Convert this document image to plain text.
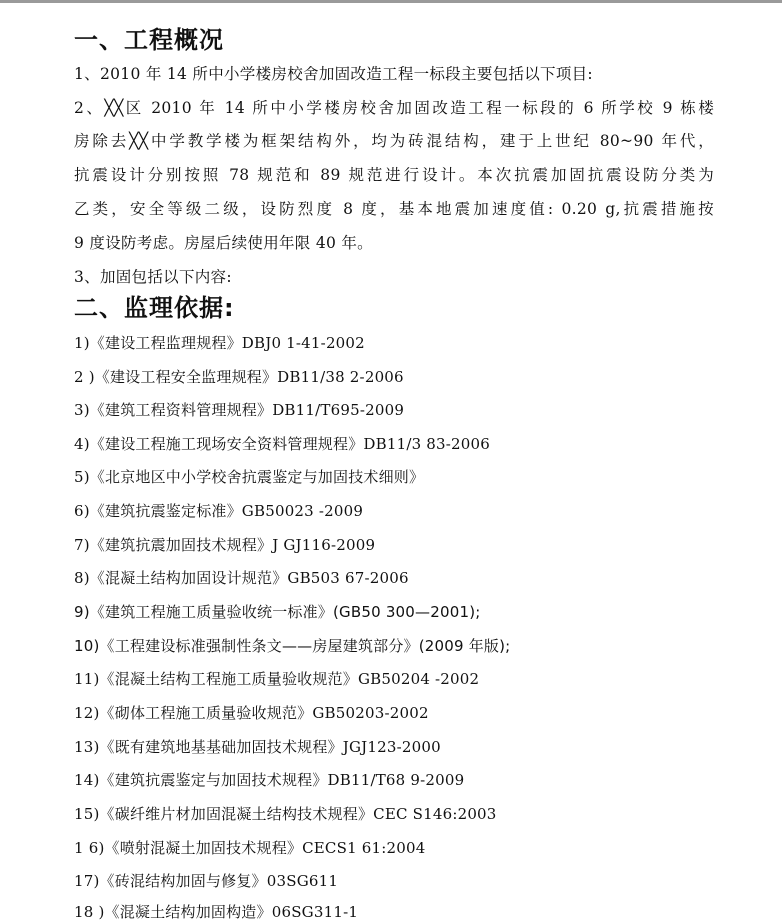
一、工程概况
1、2010 年 14 所中小学楼房校舍加固改造工程一标段主要包括以下项目:
2、╳╳区 2010 年 14 所中小学楼房校舍加固改造工程一标段的 6 所学校 9 栋楼
房除去╳╳中学教学楼为框架结构外，均为砖混结构，建于上世纪 80~90 年代，
抗震设计分别按照 78 规范和 89 规范进行设计。本次抗震加固抗震设防分类为
乙类，安全等级二级，设防烈度 8 度，基本地震加速度值: 0.20 g,抗震措施按
9 度设防考虑。房屋后续使用年限 40 年。
3、加固包括以下内容:
二、监理依据:
1)《建设工程监理规程》DBJ0 1-41-2002
2 )《建设工程安全监理规程》DB11/38 2-2006
3)《建筑工程资料管理规程》DB11/T695-2009
4)《建设工程施工现场安全资料管理规程》DB11/3 83-2006
5)《北京地区中小学校舍抗震鉴定与加固技术细则》
6)《建筑抗震鉴定标准》GB50023 -2009
7)《建筑抗震加固技术规程》J GJ116-2009
8)《混凝土结构加固设计规范》GB503 67-2006
9)《建筑工程施工质量验收统一标准》(GB50 300—2001);
10)《工程建设标准强制性条文——房屋建筑部分》(2009 年版);
11)《混凝土结构工程施工质量验收规范》GB50204 -2002
12)《砌体工程施工质量验收规范》GB50203-2002
13)《既有建筑地基基础加固技术规程》JGJ123-2000
14)《建筑抗震鉴定与加固技术规程》DB11/T68 9-2009
15)《碳纤维片材加固混凝土结构技术规程》CEC S146:2003
1 6)《喷射混凝土加固技术规程》CECS1 61:2004
17)《砖混结构加固与修复》03SG611
18 )《混凝土结构加固构造》06SG311-1
